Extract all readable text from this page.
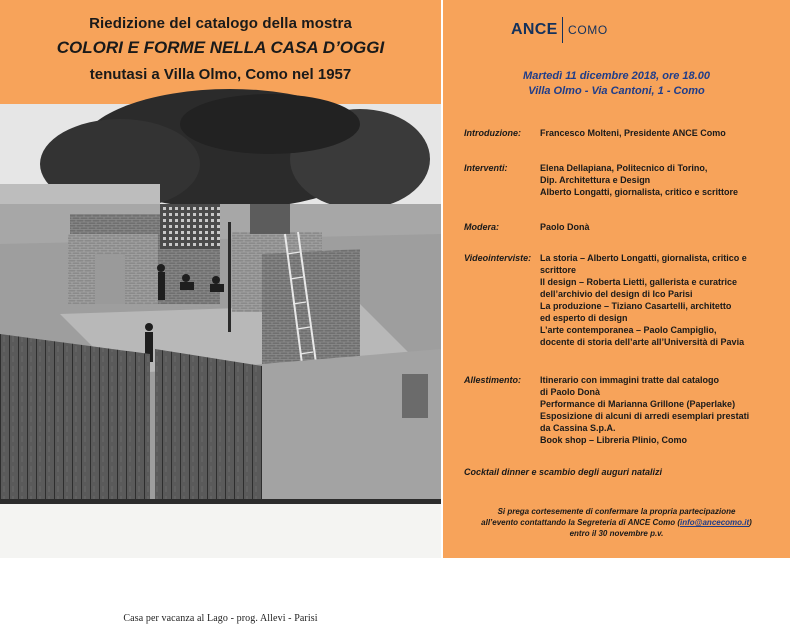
Riedizione del catalogo della mostra
COLORI E FORME NELLA CASA D’OGGI
tenutasi a Villa Olmo, Como nel 1957
Casa per vacanza al Lago - prog. Allevi - Parisi
ANCE COMO
Martedì 11 dicembre 2018, ore 18.00
Villa Olmo - Via Cantoni, 1 - Como
Introduzione: Francesco Molteni, Presidente ANCE Como
Interventi:	Elena Dellapiana, Politecnico di Torino,
Dip. Architettura e Design
Alberto Longatti, giornalista, critico e scrittore
Modera:	Paolo Donà
Videointerviste: La storia – Alberto Longatti, giornalista, critico e
scrittore
Il design – Roberta Lietti, gallerista e curatrice
dell’archivio del design di Ico Parisi
La produzione – Tiziano Casartelli, architetto
ed esperto di design
L’arte contemporanea – Paolo Campiglio,
docente di storia dell’arte all’Università di Pavia
Allestimento: Itinerario con immagini tratte dal catalogo
di Paolo Donà
Performance di Marianna Grillone (Paperlake)
Esposizione di alcuni di arredi esemplari prestati
da Cassina S.p.A.
Book shop – Libreria Plinio, Como
Cocktail dinner e scambio degli auguri natalizi
Si prega cortesemente di confermare la propria partecipazione
all’evento contattando la Segreteria di ANCE Como (info@ancecomo.it)
entro il 30 novembre p.v.
